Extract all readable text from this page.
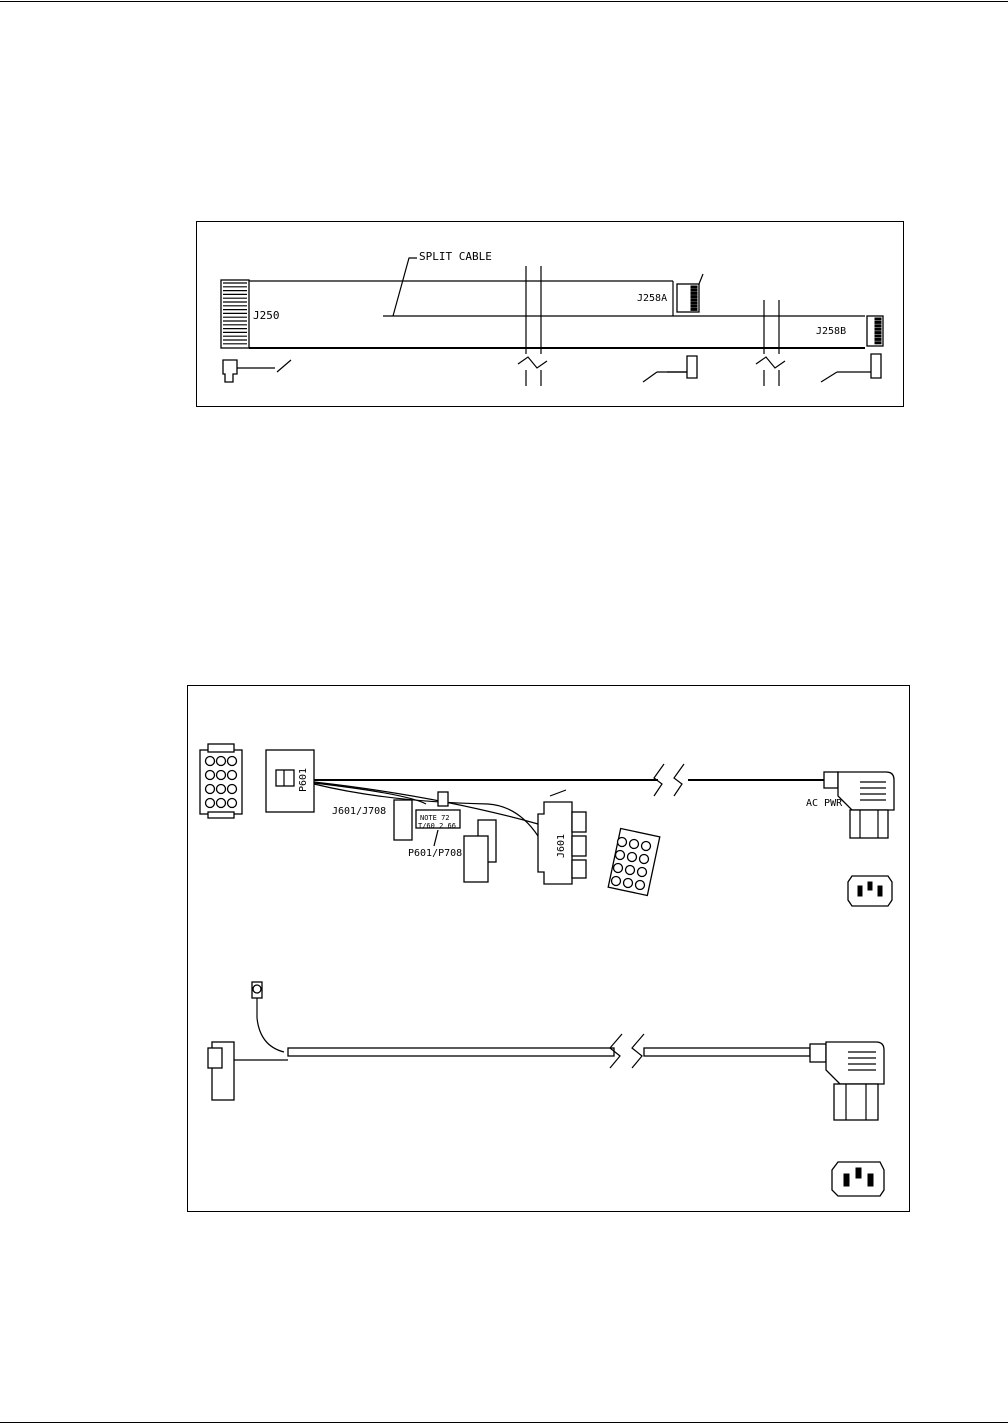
J250
SPLIT CABLE
J258A
J258B
P601
J601/J708
NOTE 72
T/60 2 66
P601/P708	J601
AC PWR
